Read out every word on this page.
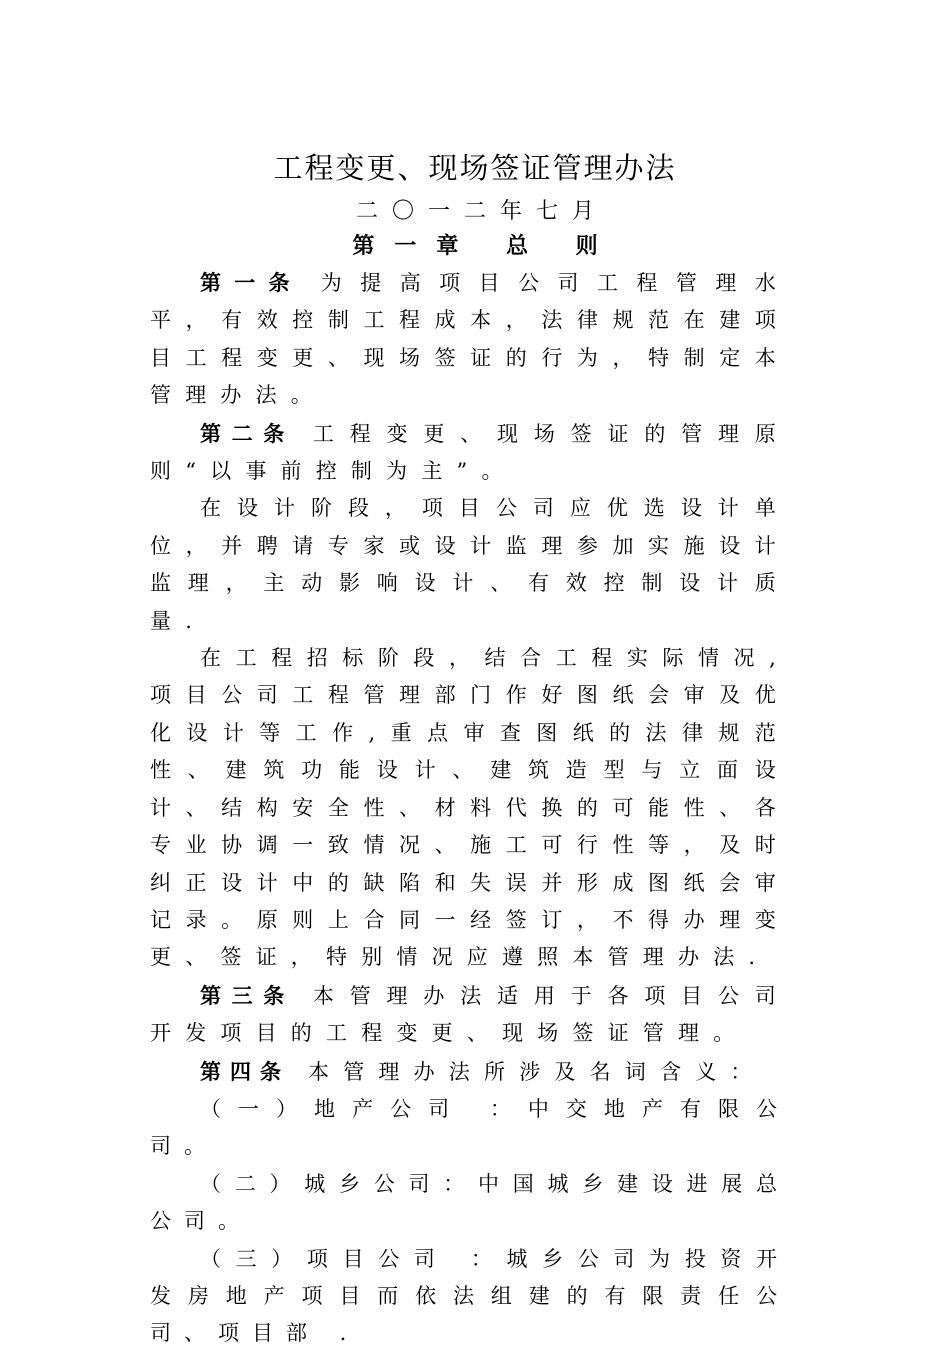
工程变更、现场签证管理办法
二〇一二年七月
第一章 总 则

第一条 为提高项目公司工程管理水平，有效控制工程成本，法律规范在建项目工程变更、现场签证的行为，特制定本管理办法。

第二条 工程变更、现场签证的管理原则“以事前控制为主”。

在设计阶段，项目公司应优选设计单位，并聘请专家或设计监理参加实施设计监理，主动影响设计、有效控制设计质量.

在工程招标阶段，结合工程实际情况,项目公司工程管理部门作好图纸会审及优化设计等工作,重点审查图纸的法律规范性、建筑功能设计、建筑造型与立面设计、结构安全性、材料代换的可能性、各专业协调一致情况、施工可行性等，及时纠正设计中的缺陷和失误并形成图纸会审记录。原则上合同一经签订，不得办理变更、签证，特别情况应遵照本管理办法.

第三条 本管理办法适用于各项目公司开发项目的工程变更、现场签证管理。

第四条 本管理办法所涉及名词含义：

（一）地产公司 ：中交地产有限公司。

（二）城乡公司：中国城乡建设进展总公司。

（三）项目公司 ：城乡公司为投资开发房地产项目而依法组建的有限责任公司、项目部 .
